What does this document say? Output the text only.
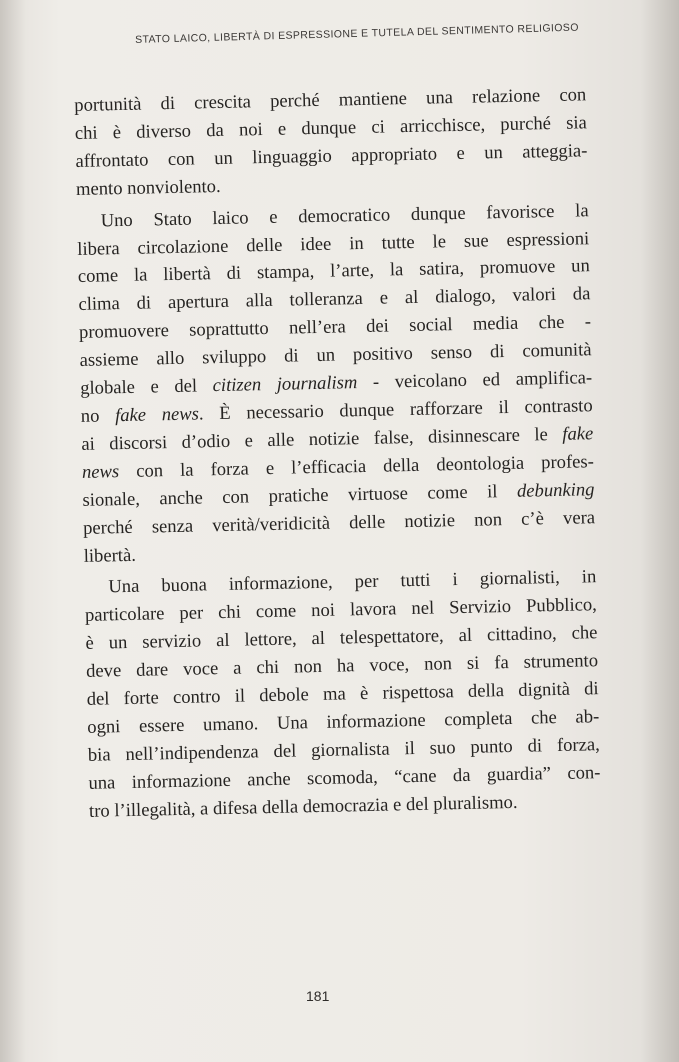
STATO LAICO, LIBERTÀ DI ESPRESSIONE E TUTELA DEL SENTIMENTO RELIGIOSO
portunità di crescita perché mantiene una relazione con
chi è diverso da noi e dunque ci arricchisce, purché sia
affrontato con un linguaggio appropriato e un atteggia-
mento nonviolento.
Uno Stato laico e democratico dunque favorisce la
libera circolazione delle idee in tutte le sue espressioni
come la libertà di stampa, l’arte, la satira, promuove un
clima di apertura alla tolleranza e al dialogo, valori da
promuovere soprattutto nell’era dei social media che -
assieme allo sviluppo di un positivo senso di comunità
globale e del citizen journalism - veicolano ed amplifica-
no fake news. È necessario dunque rafforzare il contrasto
ai discorsi d’odio e alle notizie false, disinnescare le fake
news con la forza e l’efficacia della deontologia profes-
sionale, anche con pratiche virtuose come il debunking
perché senza verità/veridicità delle notizie non c’è vera
libertà.
Una buona informazione, per tutti i giornalisti, in
particolare per chi come noi lavora nel Servizio Pubblico,
è un servizio al lettore, al telespettatore, al cittadino, che
deve dare voce a chi non ha voce, non si fa strumento
del forte contro il debole ma è rispettosa della dignità di
ogni essere umano. Una informazione completa che ab-
bia nell’indipendenza del giornalista il suo punto di forza,
una informazione anche scomoda, “cane da guardia” con-
tro l’illegalità, a difesa della democrazia e del pluralismo.
181
